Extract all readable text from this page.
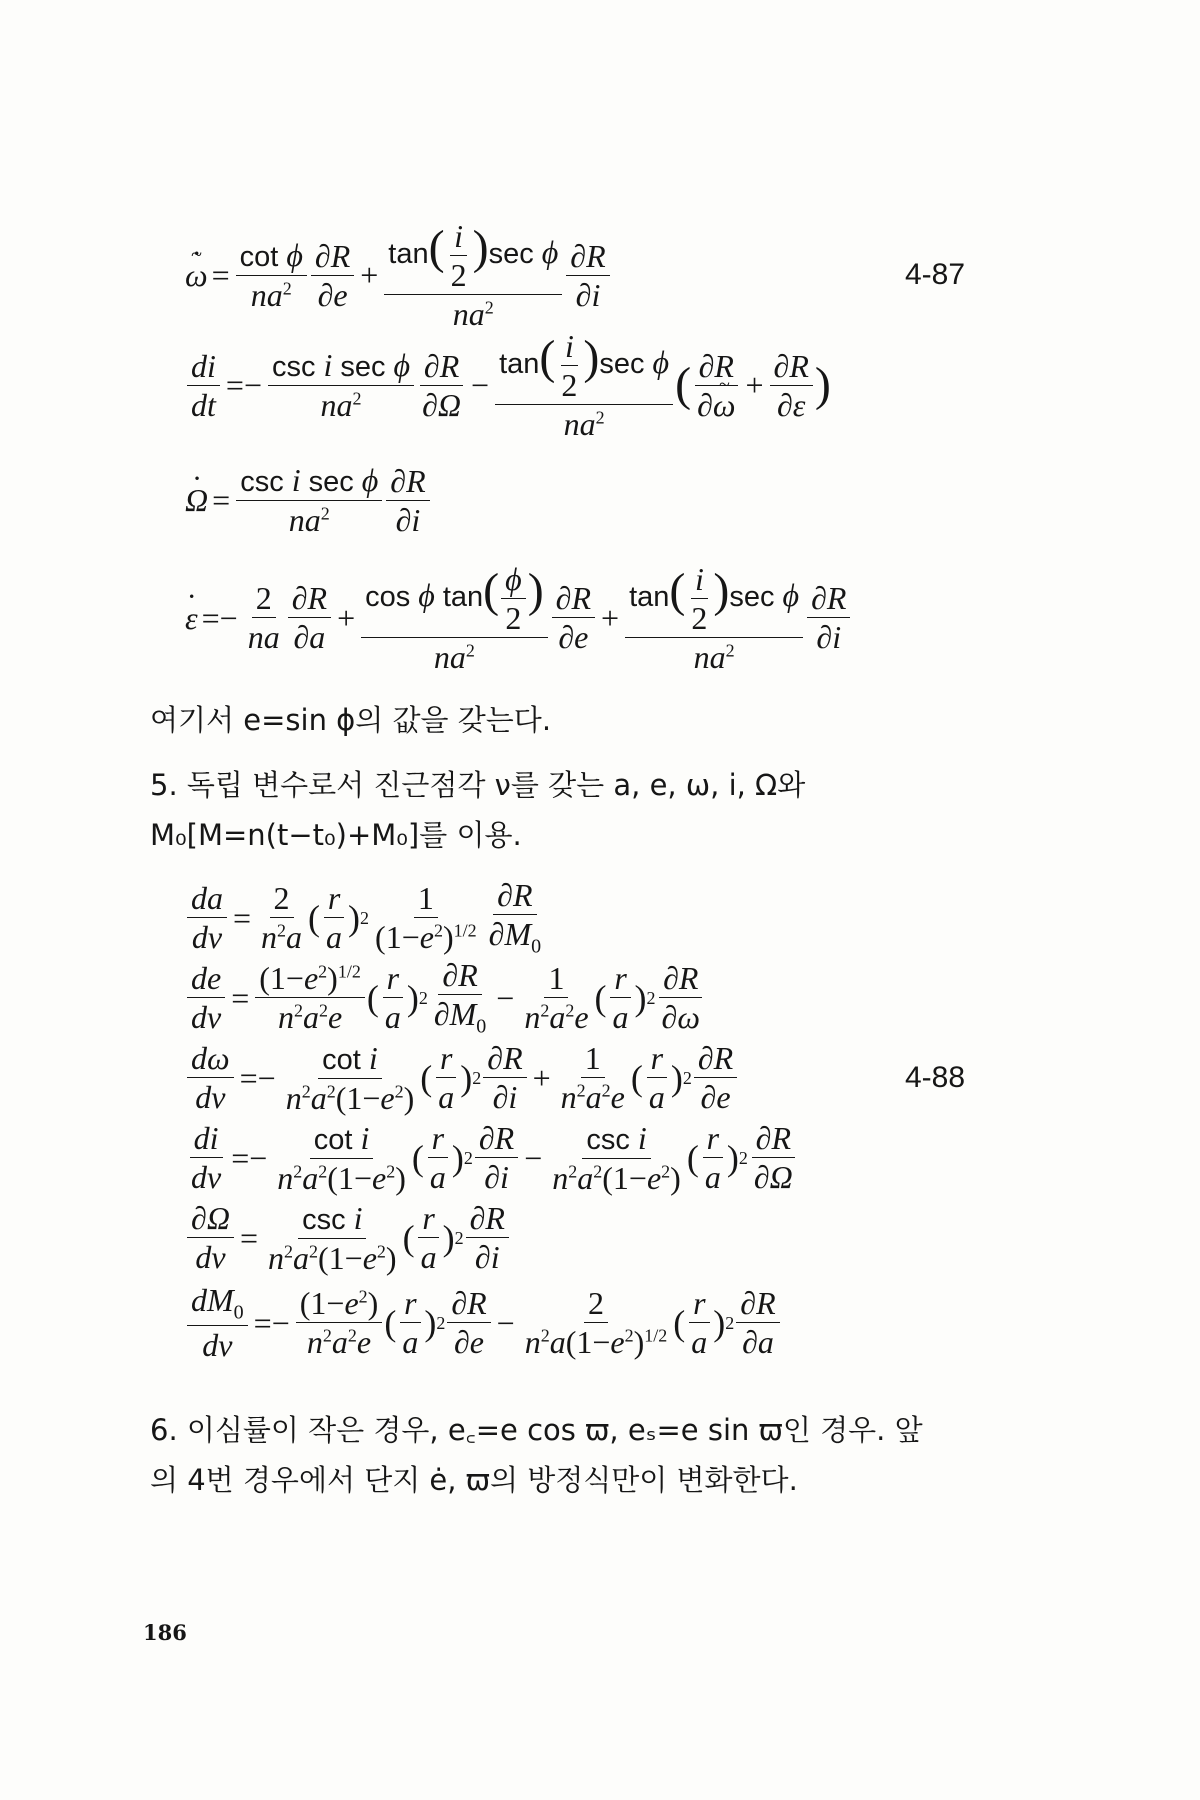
~ ω · = $\frac{\text{cot ϕ}}{na^2} \frac{\partial R}{\partial e} + \frac{\tan( \frac{i}{2} )\sec \phi}{na^2} \frac{\partial R}{\partial i}$	4-87
$\frac{di}{dt} =- \frac{\text{csc i sec ϕ}}{na^2} \frac{\partial R}{\partial\Omega} - \frac{\tan( \frac{i}{2} )\sec \phi}{na^2}$ ( $\frac{\partial R}{\partial\sim \omega} + \frac{\partial R}{\partial\varepsilon}$ )
Ω · = $\frac{\text{csc i sec ϕ}}{na^2} \frac{\partial R}{\partial i}$
ε · =− $\frac{2}{na} \frac{\partial R}{\partial a} + \frac{\cos \phi \tan( \frac{\phi}{2} )}{na^2} \frac{\partial R}{\partial e} + \frac{\tan( \frac{i}{2} )\sec \phi}{na^2} \frac{\partial R}{\partial i}$
여기서 e=sin ϕ의 값을 갖는다.
5. 독립 변수로서 진근점각 ν를 갖는 a, e, ω, i, Ω와
M₀[M=n(t−t₀)+M₀]를 이용.
$\frac{da}{d\nu} = \frac{2}{n^2a}$ ( $\frac{r}{a}$ ) $2 \frac{1}{(1-e^2)^{1/2}} \frac{\partial R}{\partial M_0}$
$\frac{de}{d\nu} = \frac{(1-e^2)^{1/2}}{n^2a^2e}$ ( $\frac{r}{a}$ ) $2 \frac{\partial R}{\partial M_0} - \frac{1}{n^2a^2e}$ ( $\frac{r}{a}$ ) $2 \frac{\partial R}{\partial\omega}$
$\frac{d\omega}{d\nu} =- \frac{\text{cot i}}{n^2a^2(1-e^2)}$ ( $\frac{r}{a}$ ) $2 \frac{\partial R}{\partial i} + \frac{1}{n^2a^2e}$ ( $\frac{r}{a}$ ) $2 \frac{\partial R}{\partial e}$	4-88
$\frac{di}{d\nu} =- \frac{\text{cot i}}{n^2a^2(1-e^2)}$ ( $\frac{r}{a}$ ) $2 \frac{\partial R}{\partial i} - \frac{\text{csc i}}{n^2a^2(1-e^2)}$ ( $\frac{r}{a}$ ) $2 \frac{\partial R}{\partial\Omega}$
$\frac{\partial\Omega}{d\nu} = \frac{\text{csc i}}{n^2a^2(1-e^2)}$ ( $\frac{r}{a}$ ) $2 \frac{\partial R}{\partial i}$
$\frac{dM_0}{d\nu} =- \frac{(1-e^2)}{n^2a^2e}$ ( $\frac{r}{a}$ ) $2 \frac{\partial R}{\partial e} - \frac{2}{n^2a(1-e^2)^{1/2}}$ ( $\frac{r}{a}$ ) $2 \frac{\partial R}{\partial a}$
6. 이심률이 작은 경우, e꜀=e cos ϖ, eₛ=e sin ϖ인 경우. 앞
의 4번 경우에서 단지 ė, ϖ의 방정식만이 변화한다.
186
